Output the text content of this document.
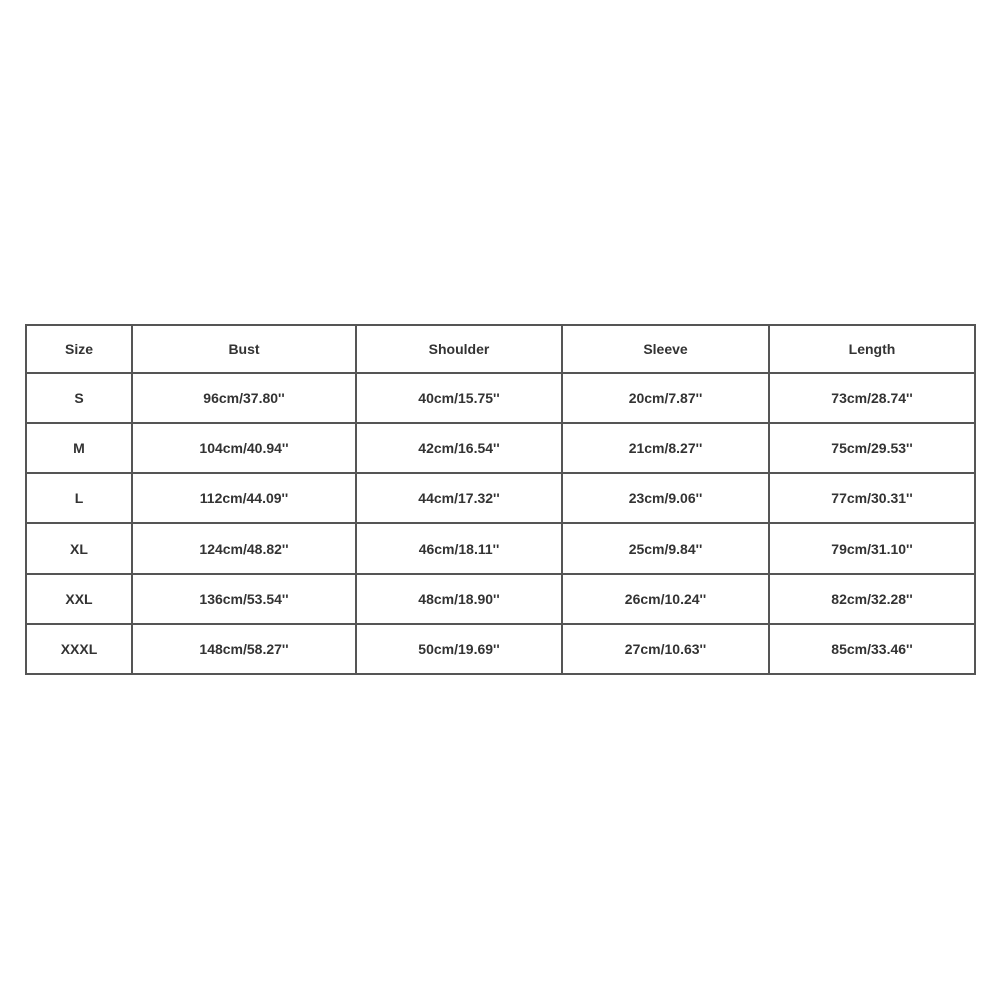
Size	Bust	Shoulder	Sleeve	Length
S	96cm/37.80''	40cm/15.75''	20cm/7.87''	73cm/28.74''
M	104cm/40.94''	42cm/16.54''	21cm/8.27''	75cm/29.53''
L	112cm/44.09''	44cm/17.32''	23cm/9.06''	77cm/30.31''
XL	124cm/48.82''	46cm/18.11''	25cm/9.84''	79cm/31.10''
XXL	136cm/53.54''	48cm/18.90''	26cm/10.24''	82cm/32.28''
XXXL	148cm/58.27''	50cm/19.69''	27cm/10.63''	85cm/33.46''
